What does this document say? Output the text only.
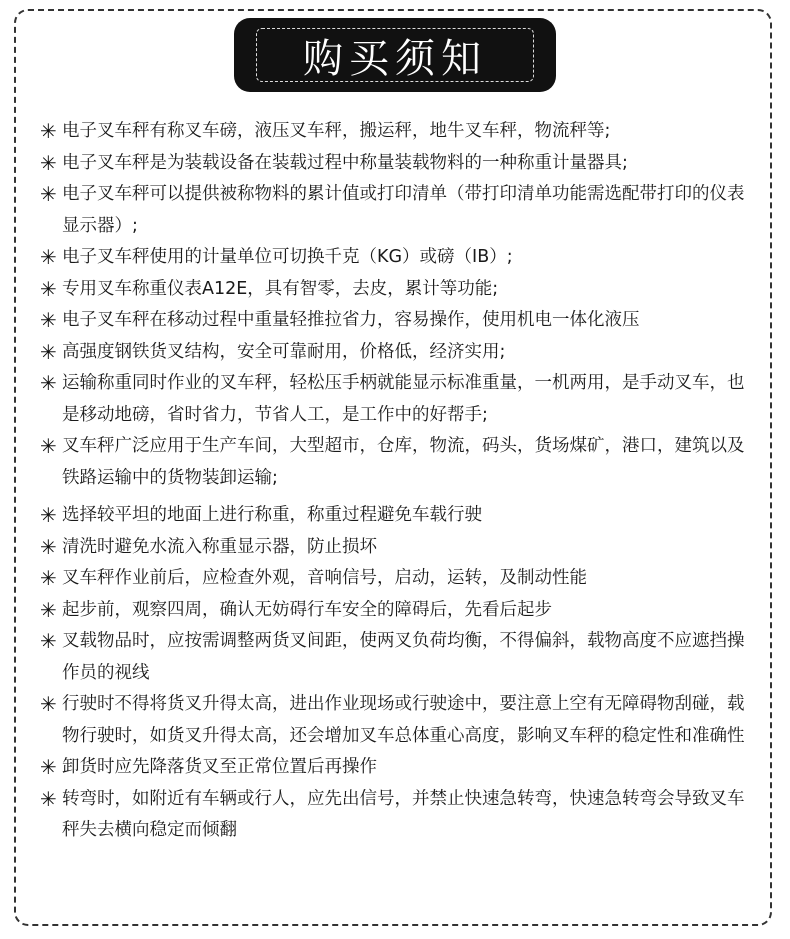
购买须知
✳ 电子叉车秤有称叉车磅，液压叉车秤，搬运秤，地牛叉车秤，物流秤等;
✳ 电子叉车秤是为装载设备在装载过程中称量装载物料的一种称重计量器具;
✳ 电子叉车秤可以提供被称物料的累计值或打印清单（带打印清单功能需选配带打印的仪表显示器）;
✳ 电子叉车秤使用的计量单位可切换千克（KG）或磅（IB）;
✳ 专用叉车称重仪表A12E，具有智零，去皮，累计等功能;
✳ 电子叉车秤在移动过程中重量轻推拉省力，容易操作，使用机电一体化液压
✳ 高强度钢铁货叉结构，安全可靠耐用，价格低，经济实用;
✳ 运输称重同时作业的叉车秤，轻松压手柄就能显示标准重量，一机两用，是手动叉车，也是移动地磅，省时省力，节省人工，是工作中的好帮手;
✳ 叉车秤广泛应用于生产车间，大型超市，仓库，物流，码头，货场煤矿，港口，建筑以及铁路运输中的货物装卸运输;
✳ 选择较平坦的地面上进行称重，称重过程避免车载行驶
✳ 清洗时避免水流入称重显示器，防止损坏
✳ 叉车秤作业前后，应检查外观，音响信号，启动，运转，及制动性能
✳ 起步前，观察四周，确认无妨碍行车安全的障碍后，先看后起步
✳ 叉载物品时，应按需调整两货叉间距，使两叉负荷均衡，不得偏斜，载物高度不应遮挡操作员的视线
✳ 行驶时不得将货叉升得太高，进出作业现场或行驶途中，要注意上空有无障碍物刮碰，载物行驶时，如货叉升得太高，还会增加叉车总体重心高度，影响叉车秤的稳定性和准确性
✳ 卸货时应先降落货叉至正常位置后再操作
✳ 转弯时，如附近有车辆或行人，应先出信号，并禁止快速急转弯，快速急转弯会导致叉车秤失去横向稳定而倾翻
